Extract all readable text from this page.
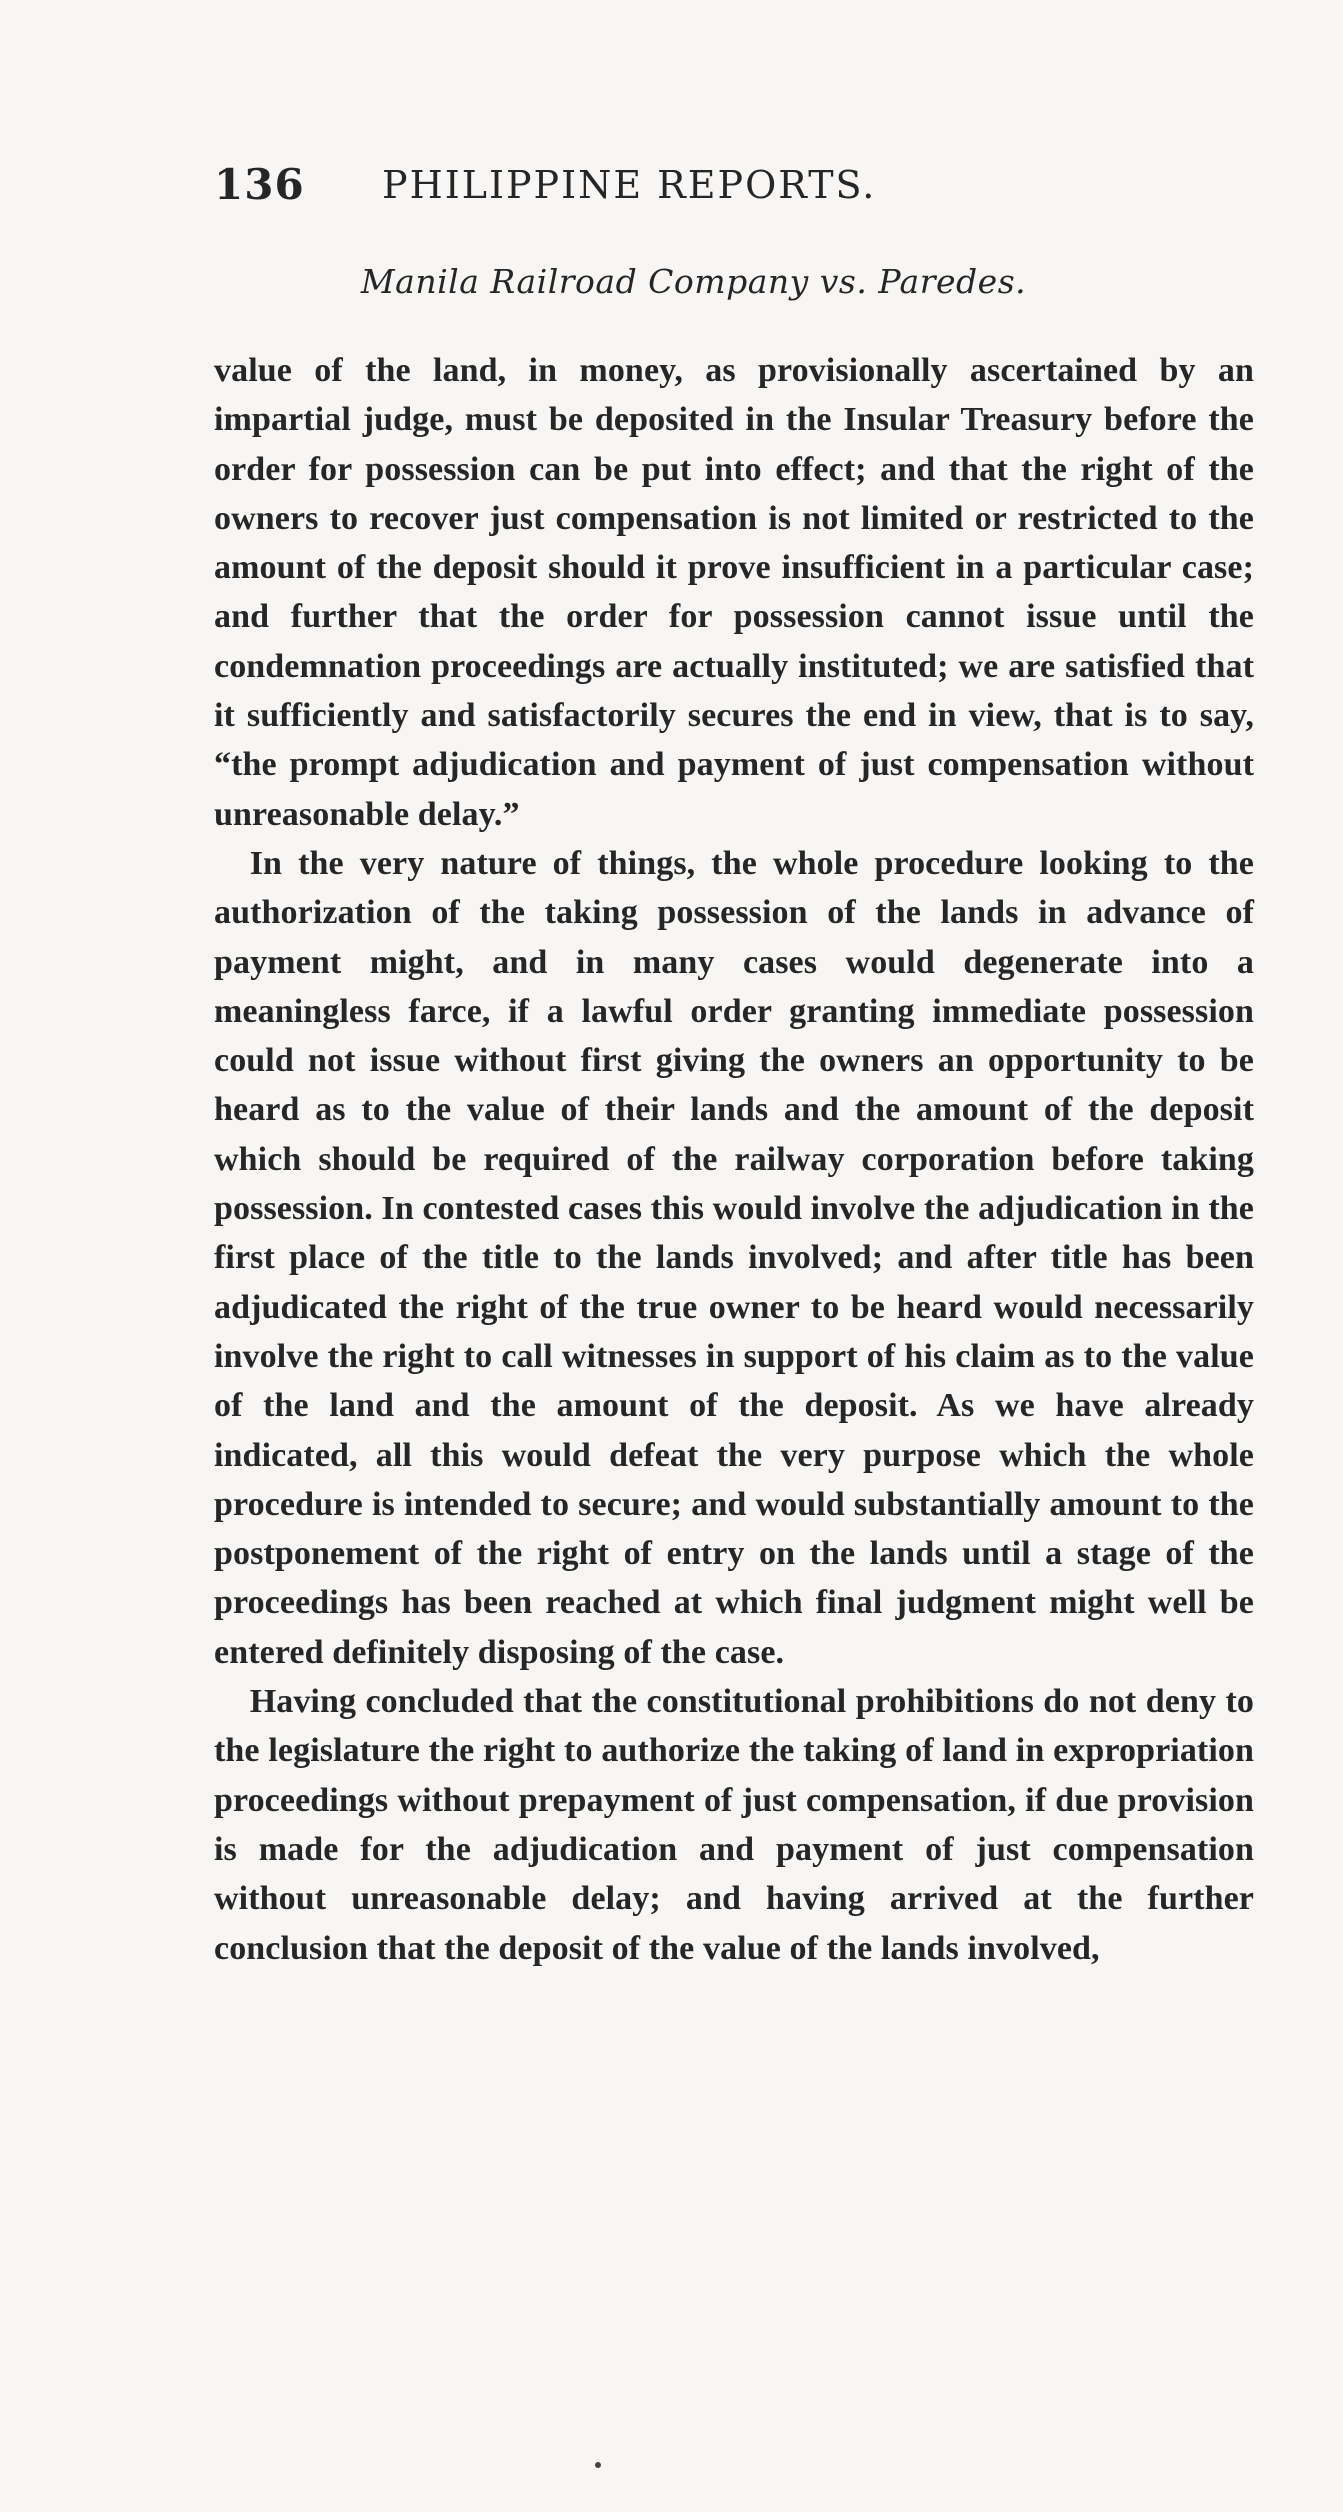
136 PHILIPPINE REPORTS.
Manila Railroad Company vs. Paredes.

value of the land, in money, as provisionally ascertained by an impartial judge, must be deposited in the Insular Treasury before the order for possession can be put into effect; and that the right of the owners to recover just compensation is not limited or restricted to the amount of the deposit should it prove insufficient in a particular case; and further that the order for possession cannot issue until the condemnation proceedings are actually instituted; we are satisfied that it sufficiently and satisfactorily secures the end in view, that is to say, “the prompt adjudication and payment of just compensation without unreasonable delay.”

In the very nature of things, the whole procedure looking to the authorization of the taking possession of the lands in advance of payment might, and in many cases would degenerate into a meaningless farce, if a lawful order granting immediate possession could not issue without first giving the owners an opportunity to be heard as to the value of their lands and the amount of the deposit which should be required of the railway corporation before taking possession. In contested cases this would involve the adjudication in the first place of the title to the lands involved; and after title has been adjudicated the right of the true owner to be heard would necessarily involve the right to call witnesses in support of his claim as to the value of the land and the amount of the deposit. As we have already indicated, all this would defeat the very purpose which the whole procedure is intended to secure; and would substantially amount to the postponement of the right of entry on the lands until a stage of the proceedings has been reached at which final judgment might well be entered definitely disposing of the case.

Having concluded that the constitutional prohibitions do not deny to the legislature the right to authorize the taking of land in expropriation proceedings without prepayment of just compensation, if due provision is made for the adjudication and payment of just compensation without unreasonable delay; and having arrived at the further conclusion that the deposit of the value of the lands involved,
